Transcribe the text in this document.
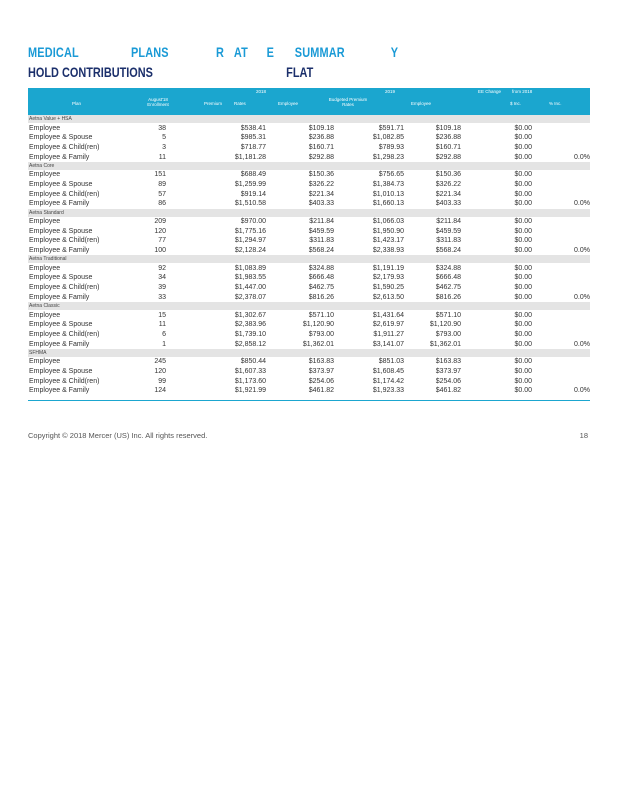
MEDICAL	PLANS	R AT E SUMMAR	Y
HOLD CONTRIBUTIONS	FLAT
2018	2019	EE Change from 2018
Plan
August'18 Enrollment	Premium	Rates	Employee
Budgeted Premium Rates	Employee	$ Inc.	% Inc.
Aetna Value + HSA
Employee	38	$538.41	$109.18	$591.71	$109.18	$0.00
Employee & Spouse	5	$985.31	$236.88	$1,082.85	$236.88	$0.00
Employee & Child(ren)	3	$718.77	$160.71	$789.93	$160.71	$0.00
Employee & Family	11	$1,181.28	$292.88	$1,298.23	$292.88	$0.00	0.0%
Aetna Core
Employee	151	$688.49	$150.36	$756.65	$150.36	$0.00
Employee & Spouse	89	$1,259.99	$326.22	$1,384.73	$326.22	$0.00
Employee & Child(ren)	57	$919.14	$221.34	$1,010.13	$221.34	$0.00
Employee & Family	86	$1,510.58	$403.33	$1,660.13	$403.33	$0.00	0.0%
Aetna Standard
Employee	209	$970.00	$211.84	$1,066.03	$211.84	$0.00
Employee & Spouse	120	$1,775.16	$459.59	$1,950.90	$459.59	$0.00
Employee & Child(ren)	77	$1,294.97	$311.83	$1,423.17	$311.83	$0.00
Employee & Family	100	$2,128.24	$568.24	$2,338.93	$568.24	$0.00	0.0%
Aetna Traditional
Employee	92	$1,083.89	$324.88	$1,191.19	$324.88	$0.00
Employee & Spouse	34	$1,983.55	$666.48	$2,179.93	$666.48	$0.00
Employee & Child(ren)	39	$1,447.00	$462.75	$1,590.25	$462.75	$0.00
Employee & Family	33	$2,378.07	$816.26	$2,613.50	$816.26	$0.00	0.0%
Aetna Classic
Employee	15	$1,302.67	$571.10	$1,431.64	$571.10	$0.00
Employee & Spouse	11	$2,383.96	$1,120.90	$2,619.97	$1,120.90	$0.00
Employee & Child(ren)	6	$1,739.10	$793.00	$1,911.27	$793.00	$0.00
Employee & Family	1	$2,858.12	$1,362.01	$3,141.07	$1,362.01	$0.00	0.0%
SFHMA
Employee	245	$850.44	$163.83	$851.03	$163.83	$0.00
Employee & Spouse	120	$1,607.33	$373.97	$1,608.45	$373.97	$0.00
Employee & Child(ren)	99	$1,173.60	$254.06	$1,174.42	$254.06	$0.00
Employee & Family	124	$1,921.99	$461.82	$1,923.33	$461.82	$0.00	0.0%
Copyright © 2018 Mercer (US) Inc. All rights reserved.	18
